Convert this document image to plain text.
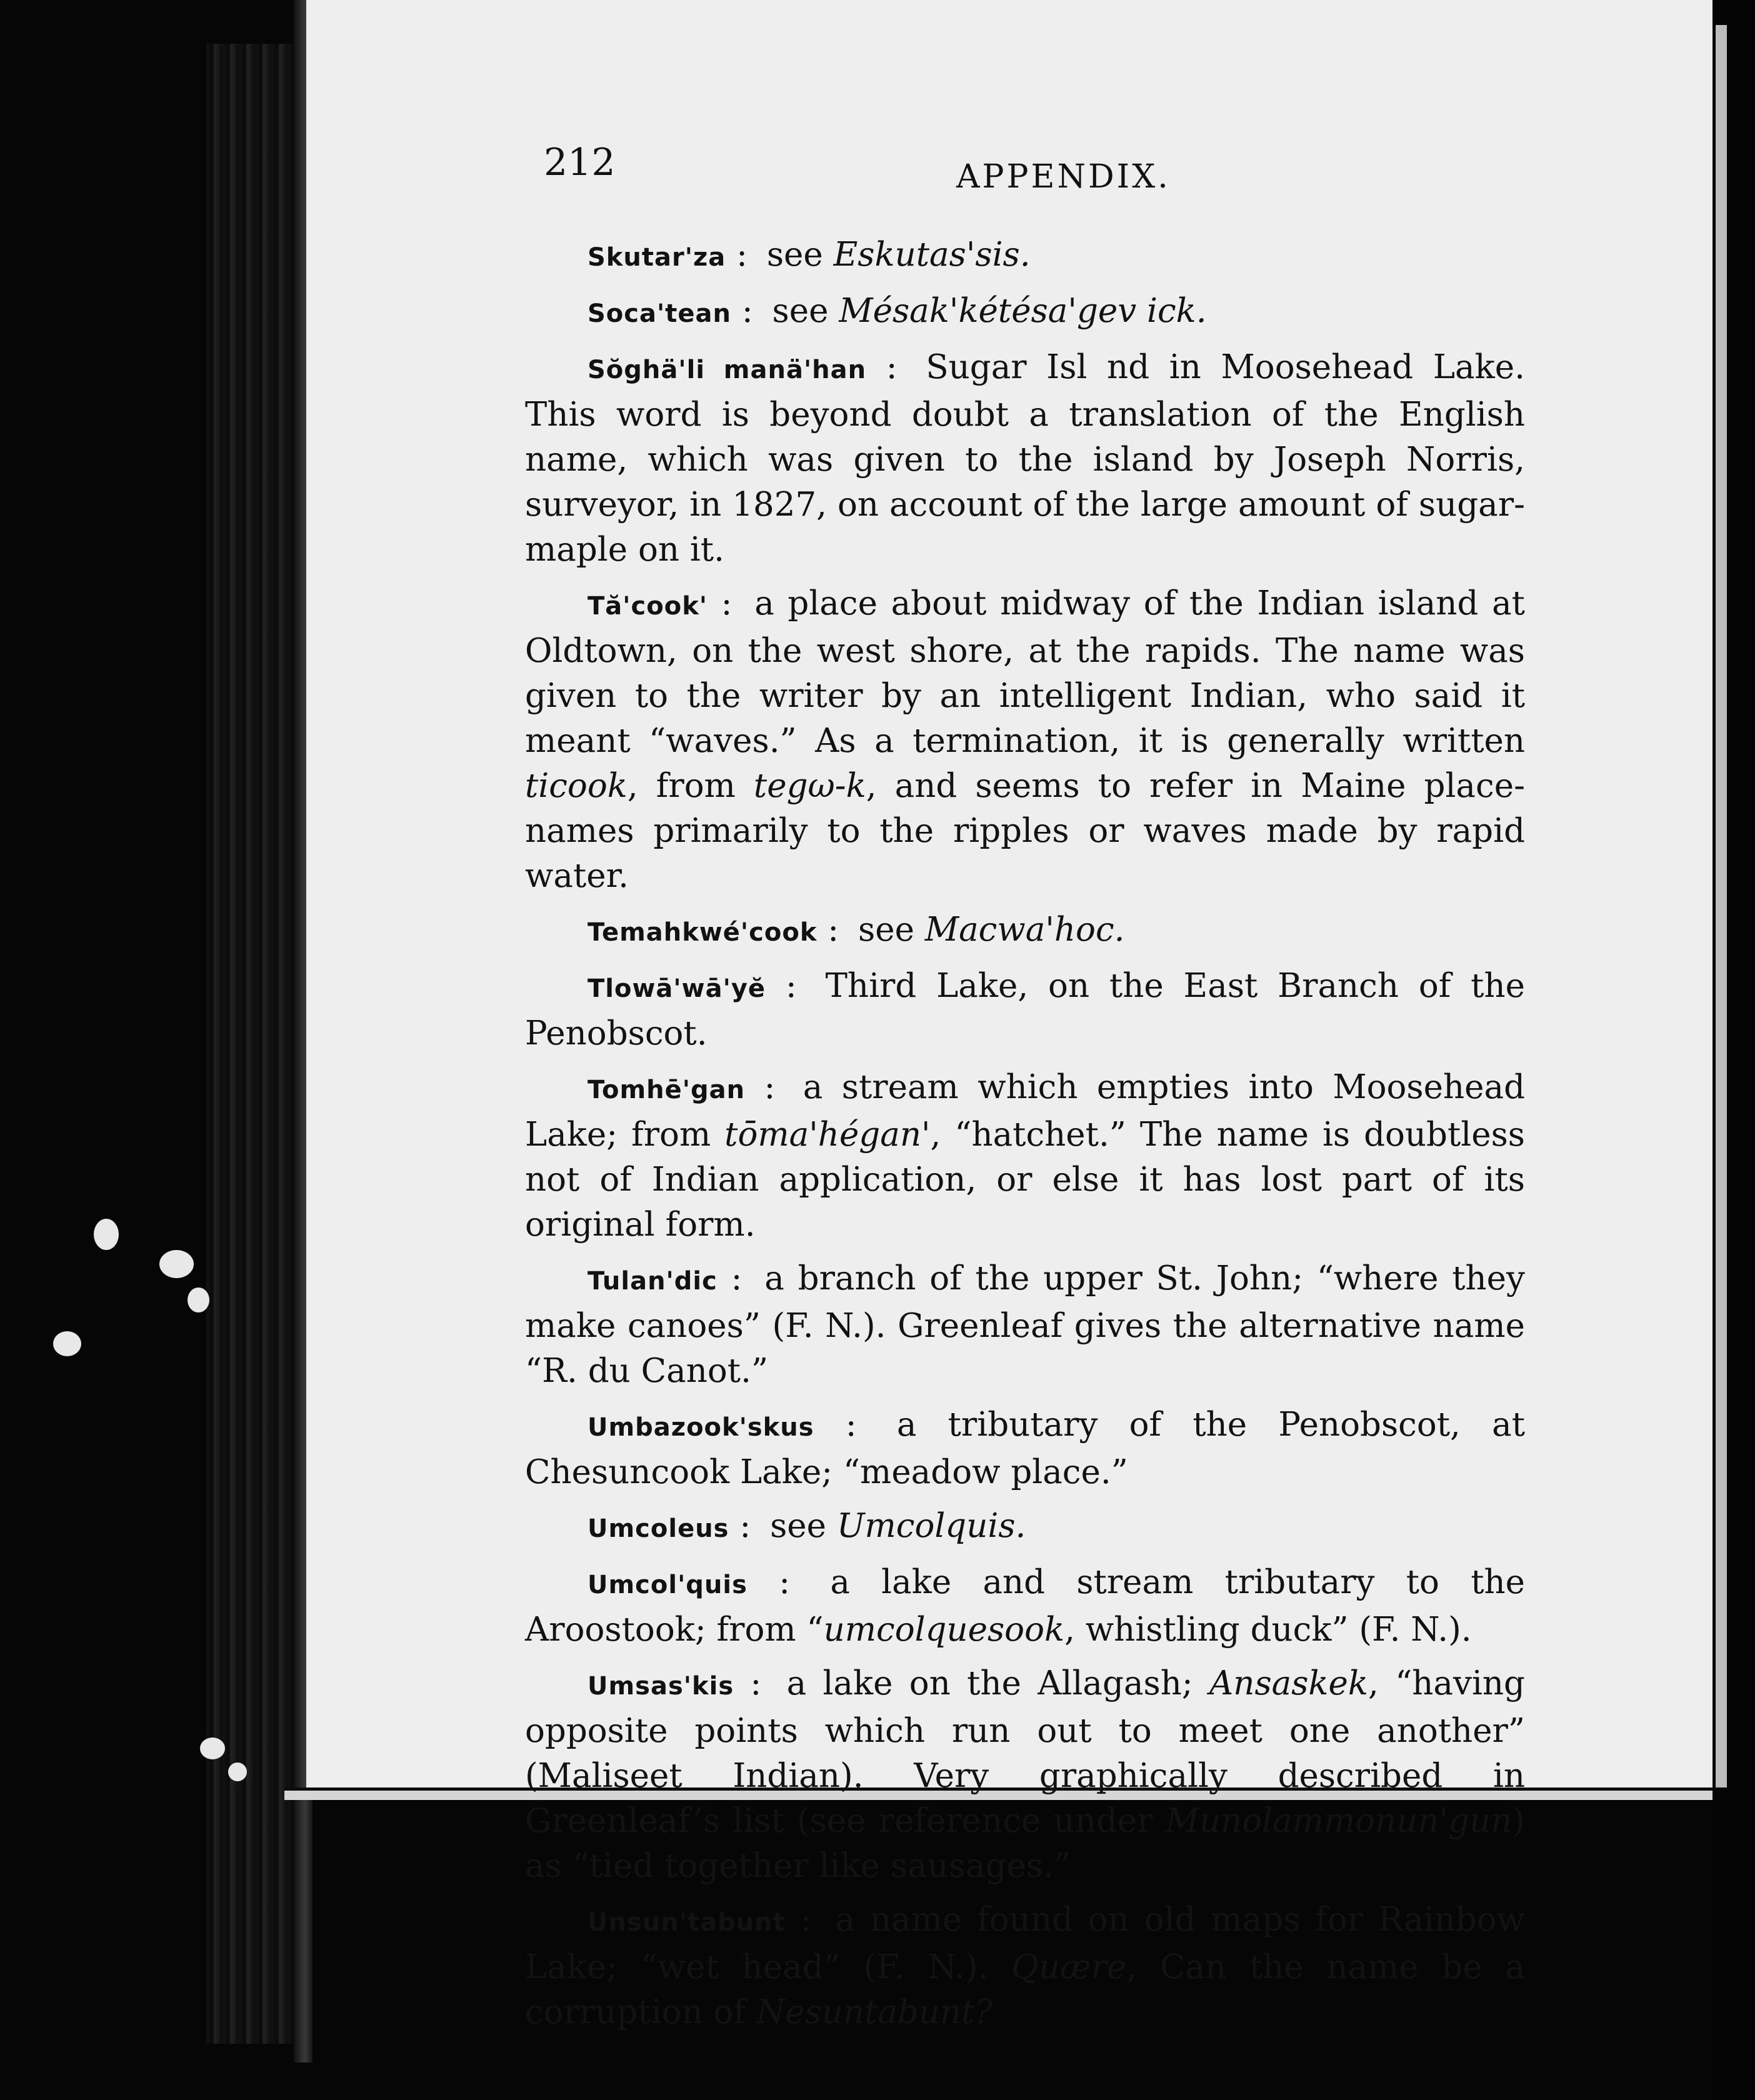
212	APPENDIX.

Skutar'za : see Eskutas'sis.

Soca'tean : see Mésak'kétésa'gev ick.

Sŏghä'li manä'han : Sugar Isl nd in Moosehead Lake. This word is beyond doubt a translation of the English name, which was given to the island by Joseph Norris, surveyor, in 1827, on account of the large amount of sugar-maple on it.

Tă'cook' : a place about midway of the Indian island at Oldtown, on the west shore, at the rapids. The name was given to the writer by an intelligent Indian, who said it meant “waves.” As a termination, it is generally written ticook, from tegω-k, and seems to refer in Maine place-names primarily to the ripples or waves made by rapid water.

Temahkwé'cook : see Macwa'hoc.

Tlowā'wā'yĕ : Third Lake, on the East Branch of the Penobscot.

Tomhē'gan : a stream which empties into Moosehead Lake; from tōma'hégan', “hatchet.” The name is doubtless not of Indian application, or else it has lost part of its original form.

Tulan'dic : a branch of the upper St. John; “where they make canoes” (F. N.). Greenleaf gives the alternative name “R. du Canot.”

Umbazook'skus : a tributary of the Penobscot, at Chesuncook Lake; “meadow place.”

Umcoleus : see Umcolquis.

Umcol'quis : a lake and stream tributary to the Aroostook; from “umcolquesook, whistling duck” (F. N.).

Umsas'kis : a lake on the Allagash; Ansaskek, “having opposite points which run out to meet one another” (Maliseet Indian). Very graphically described in Greenleaf’s list (see reference under Munolammonun'gun) as “tied together like sausages.”

Unsun'tabunt : a name found on old maps for Rainbow Lake; “wet head” (F. N.). Quære, Can the name be a corruption of Nesuntabunt?
